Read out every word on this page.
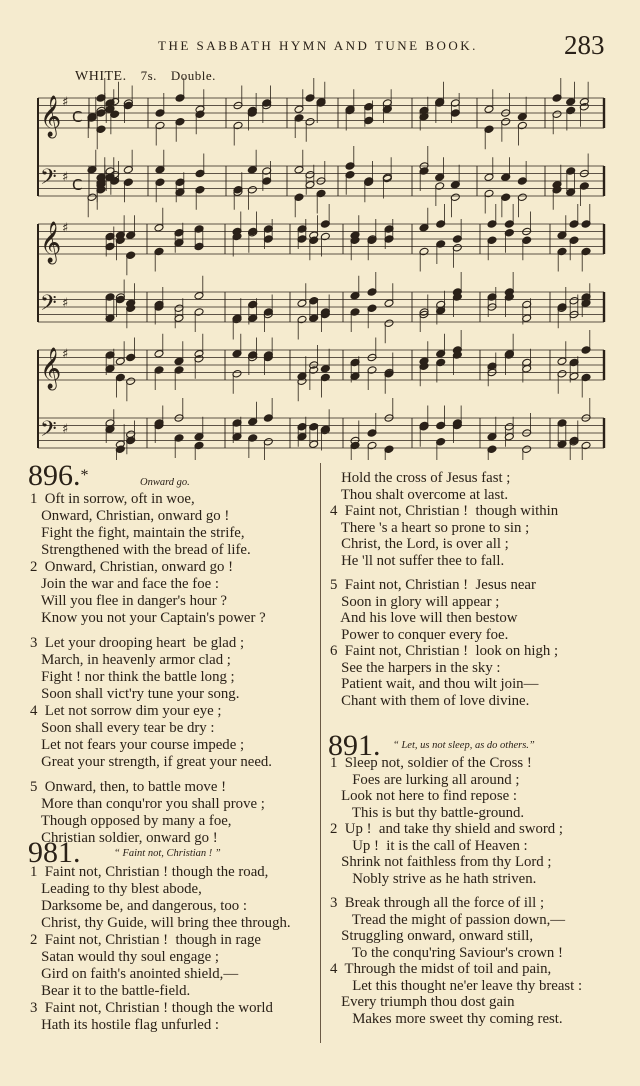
THE SABBATH HYMN AND TUNE BOOK.	283
WHITE. 7s. Double.
𝄞 ♯
C
𝄢 ♯ C
𝄞 ♯
𝄢 ♯
𝄞 ♯
𝄢 ♯
896.*	Onward go.
1  Oft in sorrow, oft in woe,
Onward, Christian, onward go !
Fight the fight, maintain the strife,
Strengthened with the bread of life.
2  Onward, Christian, onward go !
Join the war and face the foe :
Will you flee in danger's hour ?
Know you not your Captain's power ?

3  Let your drooping heart  be glad ;
March, in heavenly armor clad ;
Fight ! nor think the battle long ;
Soon shall vict'ry tune your song.
4  Let not sorrow dim your eye ;
Soon shall every tear be dry :
Let not fears your course impede ;
Great your strength, if great your need.

5  Onward, then, to battle move !
More than conqu'ror you shall prove ;
Though opposed by many a foe,
Christian soldier, onward go !
981.	“ Faint not, Christian ! ”
1  Faint not, Christian ! though the road,
Leading to thy blest abode,
Darksome be, and dangerous, too :
Christ, thy Guide, will bring thee through.
2  Faint not, Christian !  though in rage
Satan would thy soul engage ;
Gird on faith's anointed shield,—
Bear it to the battle-field.
3  Faint not, Christian ! though the world
Hath its hostile flag unfurled :
Hold the cross of Jesus fast ;
Thou shalt overcome at last.
4  Faint not, Christian !  though within
There 's a heart so prone to sin ;
Christ, the Lord, is over all ;
He 'll not suffer thee to fall.

5  Faint not, Christian !  Jesus near
Soon in glory will appear ;
And his love will then bestow
Power to conquer every foe.
6  Faint not, Christian !  look on high ;
See the harpers in the sky :
Patient wait, and thou wilt join—
Chant with them of love divine.
891. “ Let, us not sleep, as do others.”
1  Sleep not, soldier of the Cross !
Foes are lurking all around ;
Look not here to find repose :
This is but thy battle-ground.
2  Up !  and take thy shield and sword ;
Up !  it is the call of Heaven :
Shrink not faithless from thy Lord ;
Nobly strive as he hath striven.

3  Break through all the force of ill ;
Tread the might of passion down,—
Struggling onward, onward still,
To the conqu'ring Saviour's crown !
4  Through the midst of toil and pain,
Let this thought ne'er leave thy breast :
Every triumph thou dost gain
Makes more sweet thy coming rest.
